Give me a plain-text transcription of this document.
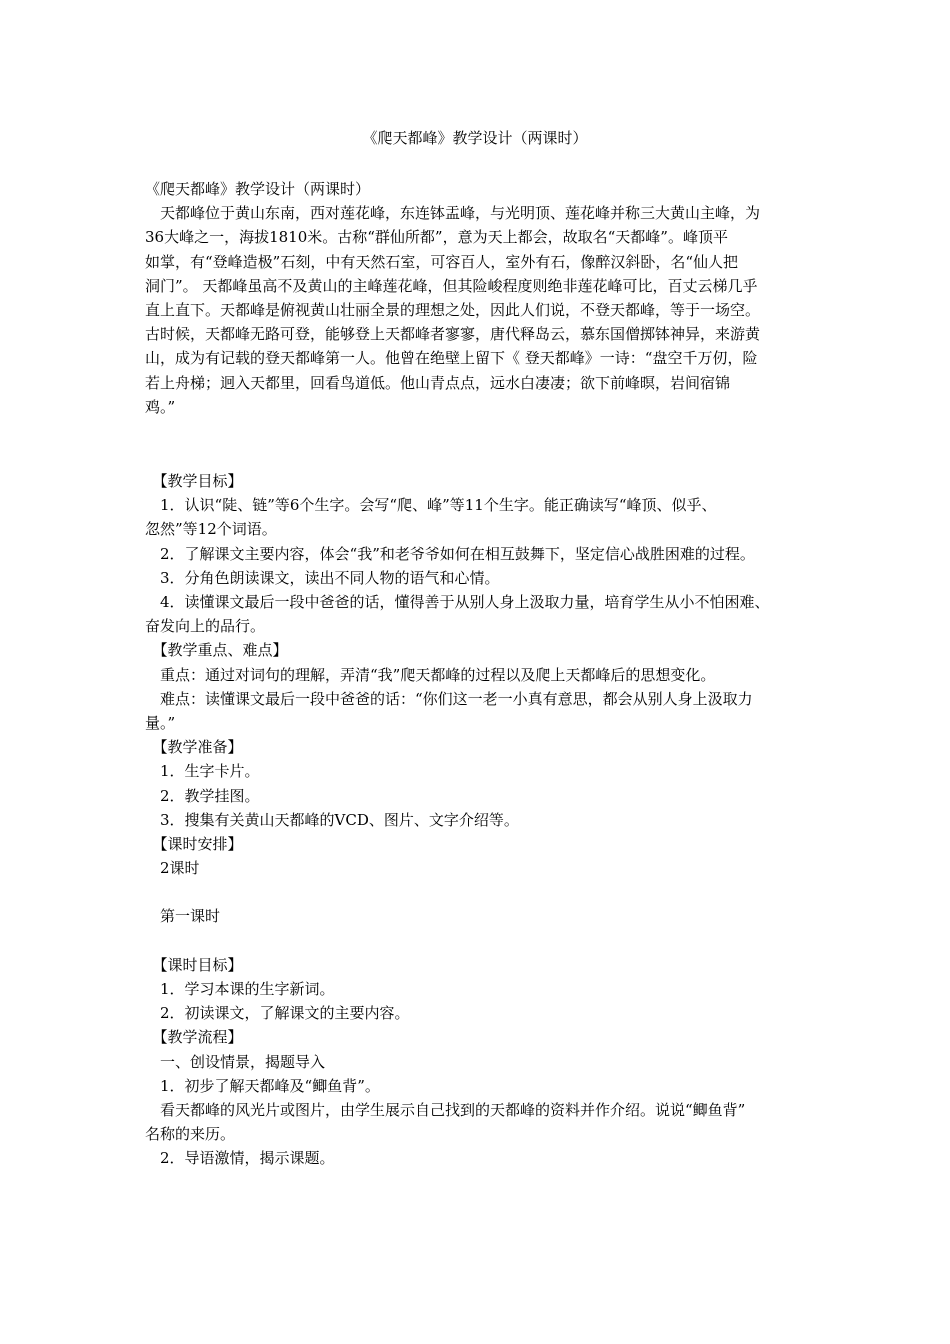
《爬天都峰》教学设计（两课时）
《爬天都峰》教学设计（两课时）
　天都峰位于黄山东南，西对莲花峰，东连钵盂峰，与光明顶、莲花峰并称三大黄山主峰，为
36大峰之一，海拔1810米。古称“群仙所都”，意为天上都会，故取名“天都峰”。峰顶平
如掌，有“登峰造极”石刻，中有天然石室，可容百人，室外有石，像醉汉斜卧，名“仙人把
洞门”。 天都峰虽高不及黄山的主峰莲花峰，但其险峻程度则绝非莲花峰可比，百丈云梯几乎
直上直下。天都峰是俯视黄山壮丽全景的理想之处，因此人们说，不登天都峰，等于一场空。
古时候，天都峰无路可登，能够登上天都峰者寥寥，唐代释岛云，慕东国僧掷钵神异，来游黄
山，成为有记载的登天都峰第一人。他曾在绝壁上留下《 登天都峰》一诗：“盘空千万仞，险
若上舟梯；迥入天都里，回看鸟道低。他山青点点，远水白凄凄；欲下前峰暝，岩间宿锦
鸡。”
　【教学目标】
　1．认识“陡、链”等6个生字。会写“爬、峰”等11个生字。能正确读写“峰顶、似乎、
忽然”等12个词语。
　2．了解课文主要内容，体会“我”和老爷爷如何在相互鼓舞下，坚定信心战胜困难的过程。
　3．分角色朗读课文，读出不同人物的语气和心情。
　4．读懂课文最后一段中爸爸的话，懂得善于从别人身上汲取力量，培育学生从小不怕困难、
奋发向上的品行。
　【教学重点、难点】
　重点：通过对词句的理解，弄清“我”爬天都峰的过程以及爬上天都峰后的思想变化。
　难点：读懂课文最后一段中爸爸的话：“你们这一老一小真有意思，都会从别人身上汲取力
量。”
　【教学准备】
　1．生字卡片。
　2．教学挂图。
　3．搜集有关黄山天都峰的VCD、图片、文字介绍等。
　【课时安排】
　2课时
　第一课时
　【课时目标】
　1．学习本课的生字新词。
　2．初读课文，了解课文的主要内容。
　【教学流程】
　一、创设情景，揭题导入
　1．初步了解天都峰及“鲫鱼背”。
　看天都峰的风光片或图片，由学生展示自己找到的天都峰的资料并作介绍。说说“鲫鱼背”
名称的来历。
　2．导语激情，揭示课题。
